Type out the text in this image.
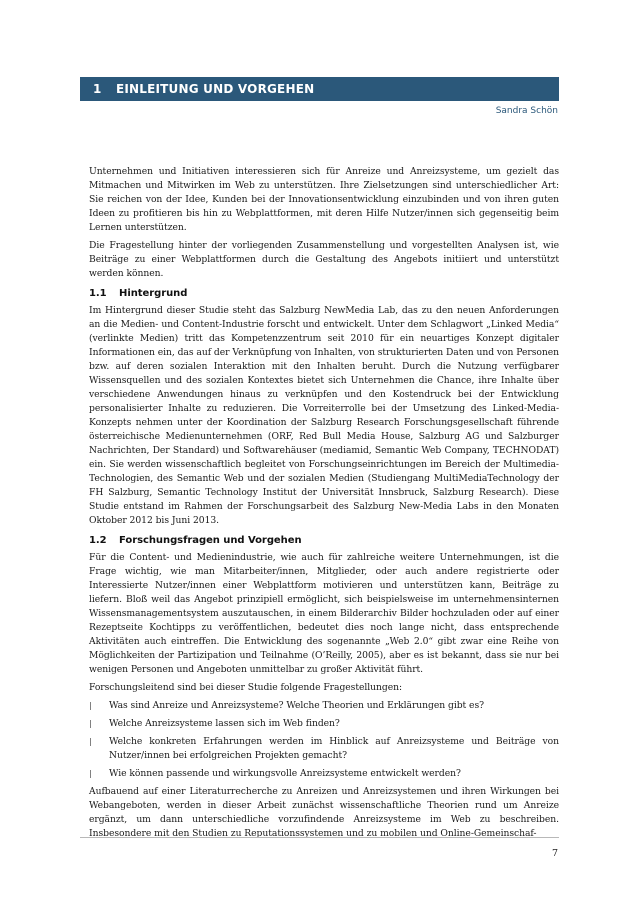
1 EINLEITUNG UND VORGEHEN
Sandra Schön

Unternehmen und Initiativen interessieren sich für Anreize und Anreizsysteme, um gezielt das Mitmachen und Mitwirken im Web zu unterstützen. Ihre Zielsetzungen sind unterschiedlicher Art: Sie reichen von der Idee, Kunden bei der Innovationsentwicklung einzubinden und von ihren guten Ideen zu profitieren bis hin zu Webplattformen, mit deren Hilfe Nutzer/innen sich gegenseitig beim Lernen unterstützen.

Die Fragestellung hinter der vorliegenden Zusammenstellung und vorgestellten Analysen ist, wie Beiträge zu einer Webplattformen durch die Gestaltung des Angebots initiiert und unterstützt werden können.

1.1 Hintergrund

Im Hintergrund dieser Studie steht das Salzburg NewMedia Lab, das zu den neuen Anforderungen an die Medien- und Content-Industrie forscht und entwickelt. Unter dem Schlagwort „Linked Media“ (verlinkte Medien) tritt das Kompetenzzentrum seit 2010 für ein neuartiges Konzept digitaler Informationen ein, das auf der Verknüpfung von Inhalten, von strukturierten Daten und von Personen bzw. auf deren sozialen Interaktion mit den Inhalten beruht. Durch die Nutzung verfügbarer Wissensquellen und des sozialen Kontextes bietet sich Unternehmen die Chance, ihre Inhalte über verschiedene Anwendungen hinaus zu verknüpfen und den Kostendruck bei der Entwicklung personalisierter Inhalte zu reduzieren. Die Vorreiterrolle bei der Umsetzung des Linked-Media-Konzepts nehmen unter der Koordination der Salzburg Research Forschungsgesellschaft führende österreichische Medienunternehmen (ORF, Red Bull Media House, Salzburg AG und Salzburger Nachrichten, Der Standard) und Softwarehäuser (mediamid, Semantic Web Company, TECHNODAT) ein. Sie werden wissenschaftlich begleitet von Forschungseinrichtungen im Bereich der Multimedia-Technologien, des Semantic Web und der sozialen Medien (Studiengang MultiMediaTechnology der FH Salzburg, Semantic Technology Institut der Universität Innsbruck, Salzburg Research). Diese Studie entstand im Rahmen der Forschungsarbeit des Salzburg New-Media Labs in den Monaten Oktober 2012 bis Juni 2013.

1.2 Forschungsfragen und Vorgehen

Für die Content- und Medienindustrie, wie auch für zahlreiche weitere Unternehmungen, ist die Frage wichtig, wie man Mitarbeiter/innen, Mitglieder, oder auch andere registrierte oder Interessierte Nutzer/innen einer Webplattform motivieren und unterstützen kann, Beiträge zu liefern. Bloß weil das Angebot prinzipiell ermöglicht, sich beispielsweise im unternehmensinternen Wissensmanagementsystem auszutauschen, in einem Bilderarchiv Bilder hochzuladen oder auf einer Rezeptseite Kochtipps zu veröffentlichen, bedeutet dies noch lange nicht, dass entsprechende Aktivitäten auch eintreffen. Die Entwicklung des sogenannte „Web 2.0“ gibt zwar eine Reihe von Möglichkeiten der Partizipation und Teilnahme (O’Reilly, 2005), aber es ist bekannt, dass sie nur bei wenigen Personen und Angeboten unmittelbar zu großer Aktivität führt.

Forschungsleitend sind bei dieser Studie folgende Fragestellungen:

| Was sind Anreize und Anreizsysteme? Welche Theorien und Erklärungen gibt es?
| Welche Anreizsysteme lassen sich im Web finden?
| Welche konkreten Erfahrungen werden im Hinblick auf Anreizsysteme und Beiträge von Nutzer/innen bei erfolgreichen Projekten gemacht?
| Wie können passende und wirkungsvolle Anreizsysteme entwickelt werden?

Aufbauend auf einer Literaturrecherche zu Anreizen und Anreizsystemen und ihren Wirkungen bei Webangeboten, werden in dieser Arbeit zunächst wissenschaftliche Theorien rund um Anreize ergänzt, um dann unterschiedliche vorzufindende Anreizsysteme im Web zu beschreiben. Insbesondere mit den Studien zu Reputationssystemen und zu mobilen und Online-Gemeinschaf-

7
